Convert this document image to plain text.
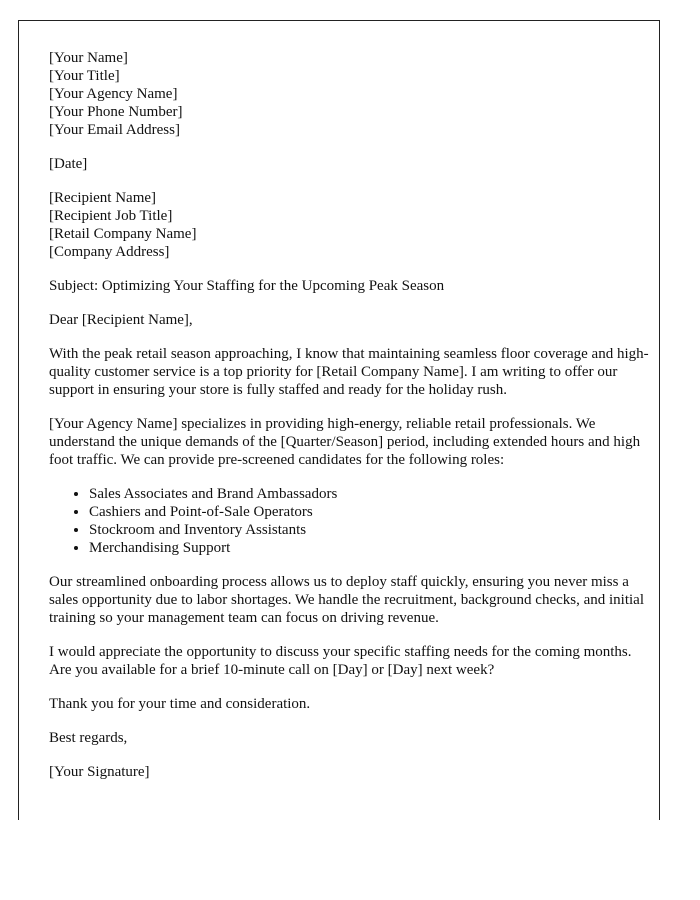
[Your Name]
[Your Title]
[Your Agency Name]
[Your Phone Number]
[Your Email Address]
[Date]
[Recipient Name]
[Recipient Job Title]
[Retail Company Name]
[Company Address]

Subject: Optimizing Your Staffing for the Upcoming Peak Season

Dear [Recipient Name],

With the peak retail season approaching, I know that maintaining seamless floor coverage and high-quality customer service is a top priority for [Retail Company Name]. I am writing to offer our support in ensuring your store is fully staffed and ready for the holiday rush.

[Your Agency Name] specializes in providing high-energy, reliable retail professionals. We understand the unique demands of the [Quarter/Season] period, including extended hours and high foot traffic. We can provide pre-screened candidates for the following roles:

• Sales Associates and Brand Ambassadors
• Cashiers and Point-of-Sale Operators
• Stockroom and Inventory Assistants
• Merchandising Support

Our streamlined onboarding process allows us to deploy staff quickly, ensuring you never miss a sales opportunity due to labor shortages. We handle the recruitment, background checks, and initial training so your management team can focus on driving revenue.

I would appreciate the opportunity to discuss your specific staffing needs for the coming months. Are you available for a brief 10-minute call on [Day] or [Day] next week?

Thank you for your time and consideration.

Best regards,

[Your Signature]
